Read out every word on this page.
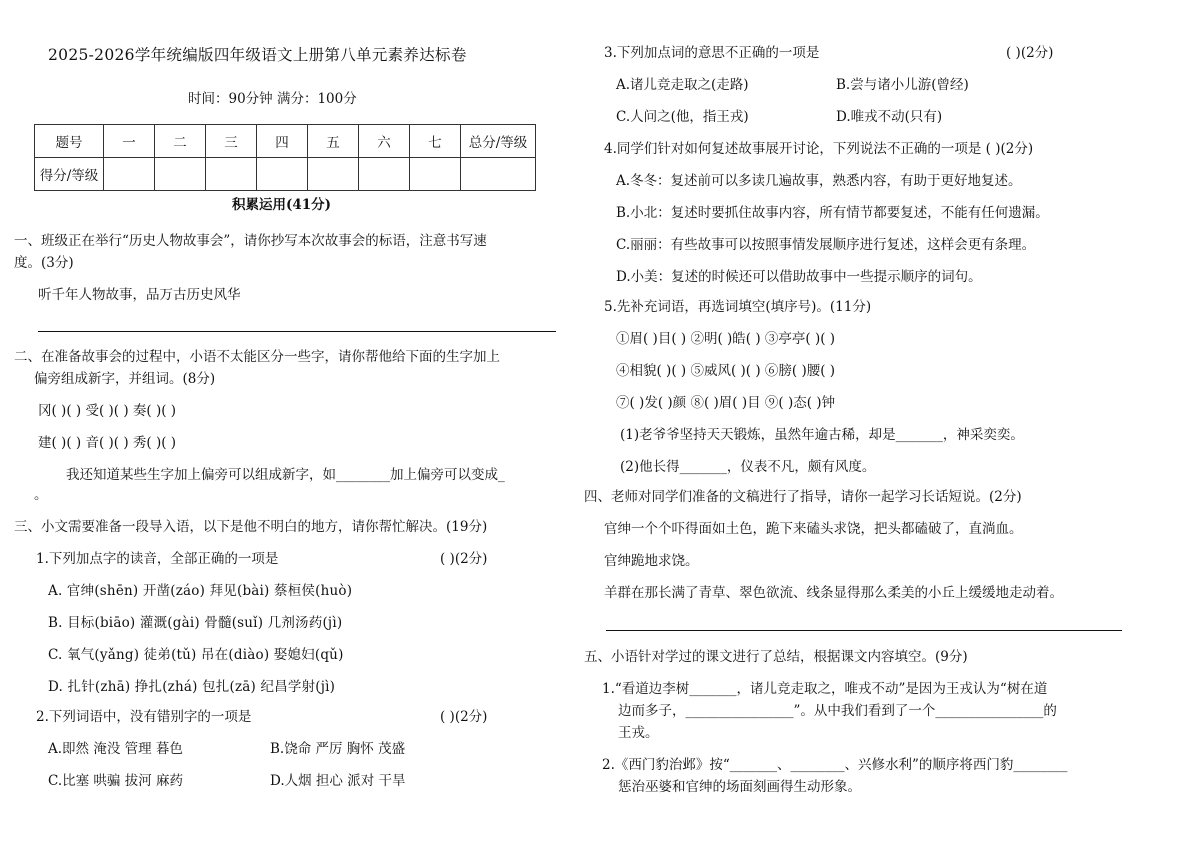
2025-2026学年统编版四年级语文上册第八单元素养达标卷
时间：90分钟 满分：100分
题号	一	二	三	四	五	六	七	总分/等级
得分/等级								
积累运用(41分)
一、班级正在举行“历史人物故事会”，请你抄写本次故事会的标语，注意书写速
度。(3分)
听千年人物故事，品万古历史风华
二、在准备故事会的过程中，小语不太能区分一些字，请你帮他给下面的生字加上
偏旁组成新字，并组词。(8分)
冈( )( ) 受( )( ) 奏( )( )
建( )( ) 音( )( ) 秀( )( )
我还知道某些生字加上偏旁可以组成新字，如________加上偏旁可以变成_
。
三、小文需要准备一段导入语，以下是他不明白的地方，请你帮忙解决。(19分)
1.下列加点字的读音，全部正确的一项是	( )(2分)
A. 官绅(shēn) 开凿(záo) 拜见(bài) 蔡桓侯(huò)
B. 目标(biāo) 灌溉(gài) 骨髓(suǐ) 几剂汤药(jì)
C. 氧气(yǎng) 徒弟(tǔ) 吊在(diào) 娶媳妇(qǔ)
D. 扎针(zhā) 挣扎(zhá) 包扎(zā) 纪昌学射(jì)
2.下列词语中，没有错别字的一项是	( )(2分)
A.即然 淹没 管理 暮色	B.饶命 严厉 胸怀 茂盛
C.比塞 哄骗 拔河 麻药	D.人烟 担心 派对 干旱
3.下列加点词的意思不正确的一项是	( )(2分)
A.诸儿竞走取之(走路)	B.尝与诸小儿游(曾经)
C.人问之(他，指王戎)	D.唯戎不动(只有)
4.同学们针对如何复述故事展开讨论，下列说法不正确的一项是 ( )(2分)
A.冬冬：复述前可以多读几遍故事，熟悉内容，有助于更好地复述。
B.小北：复述时要抓住故事内容，所有情节都要复述，不能有任何遗漏。
C.丽丽：有些故事可以按照事情发展顺序进行复述，这样会更有条理。
D.小美：复述的时候还可以借助故事中一些提示顺序的词句。
5.先补充词语，再选词填空(填序号)。(11分)
①眉( )目( ) ②明( )皓( ) ③亭亭( )( )
④相貌( )( ) ⑤威风( )( ) ⑥膀( )腰( )
⑦( )发( )颜 ⑧( )眉( )目 ⑨( )态( )钟
(1)老爷爷坚持天天锻炼，虽然年逾古稀，却是_______，神采奕奕。
(2)他长得_______，仪表不凡，颇有风度。
四、老师对同学们准备的文稿进行了指导，请你一起学习长话短说。(2分)
官绅一个个吓得面如土色，跪下来磕头求饶，把头都磕破了，直淌血。
官绅跪地求饶。
羊群在那长满了青草、翠色欲流、线条显得那么柔美的小丘上缓缓地走动着。
五、小语针对学过的课文进行了总结，根据课文内容填空。(9分)
1.“看道边李树_______，诸儿竞走取之，唯戎不动”是因为王戎认为“树在道
边而多子，________________”。从中我们看到了一个________________的
王戎。
2.《西门豹治邺》按“_______、________、兴修水利”的顺序将西门豹________
惩治巫婆和官绅的场面刻画得生动形象。
